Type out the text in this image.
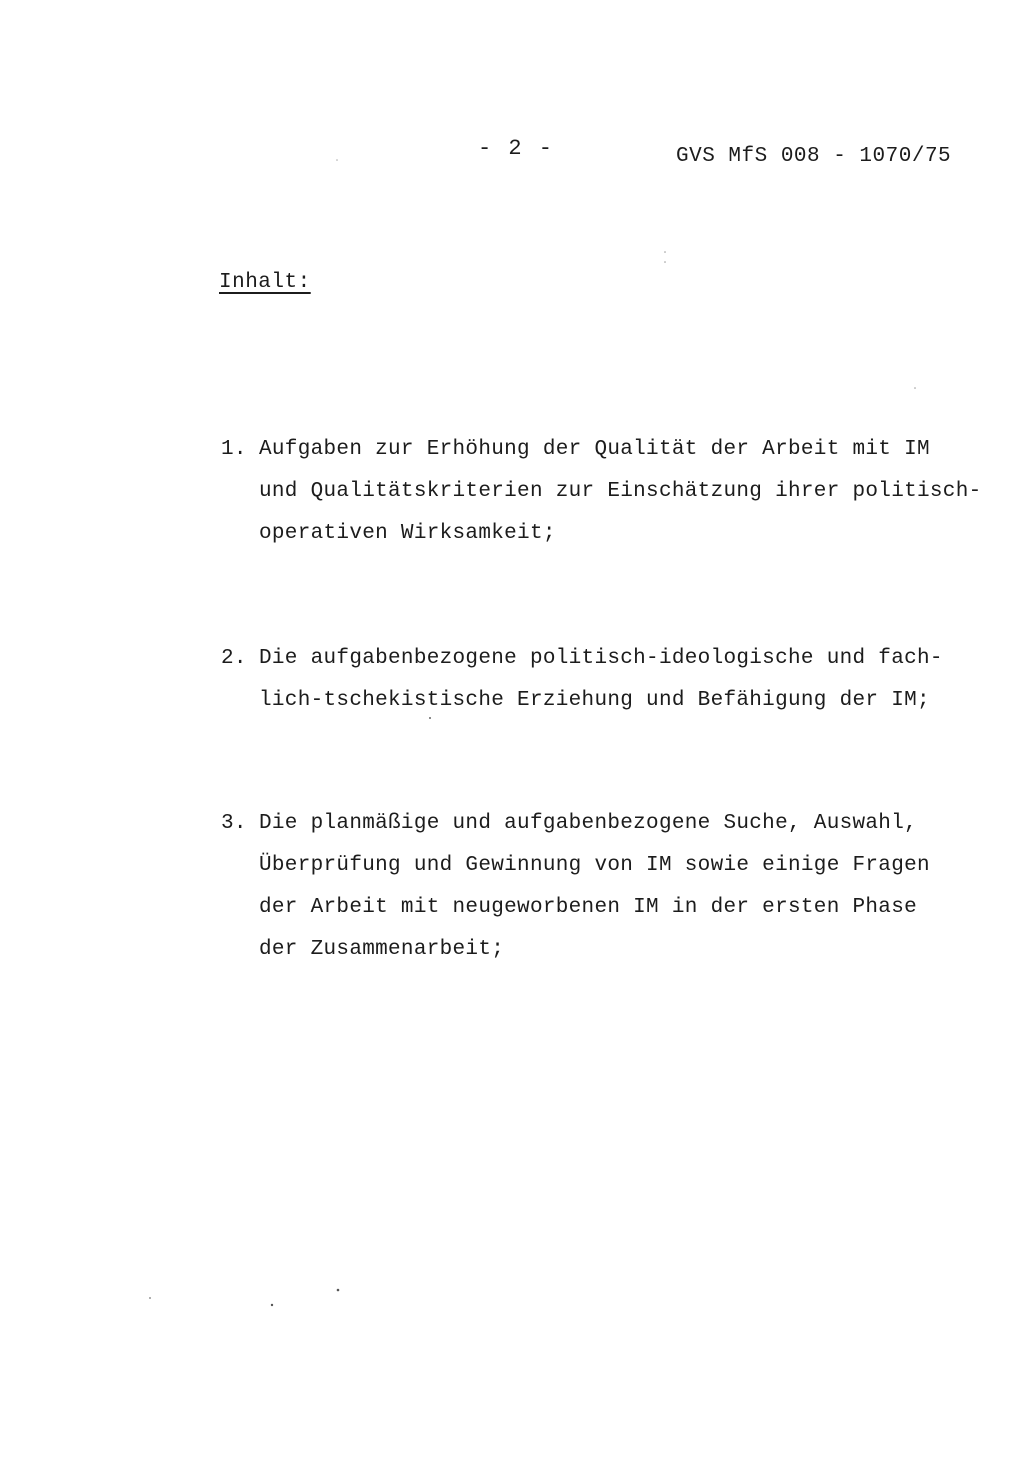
- 2 -	GVS MfS 008 - 1070/75
Inhalt:
1. Aufgaben zur Erhöhung der Qualität der Arbeit mit IM
und Qualitätskriterien zur Einschätzung ihrer politisch-
operativen Wirksamkeit;
2. Die aufgabenbezogene politisch-ideologische und fach-
lich-tschekistische Erziehung und Befähigung der IM;
3. Die planmäßige und aufgabenbezogene Suche, Auswahl,
Überprüfung und Gewinnung von IM sowie einige Fragen
der Arbeit mit neugeworbenen IM in der ersten Phase
der Zusammenarbeit;
